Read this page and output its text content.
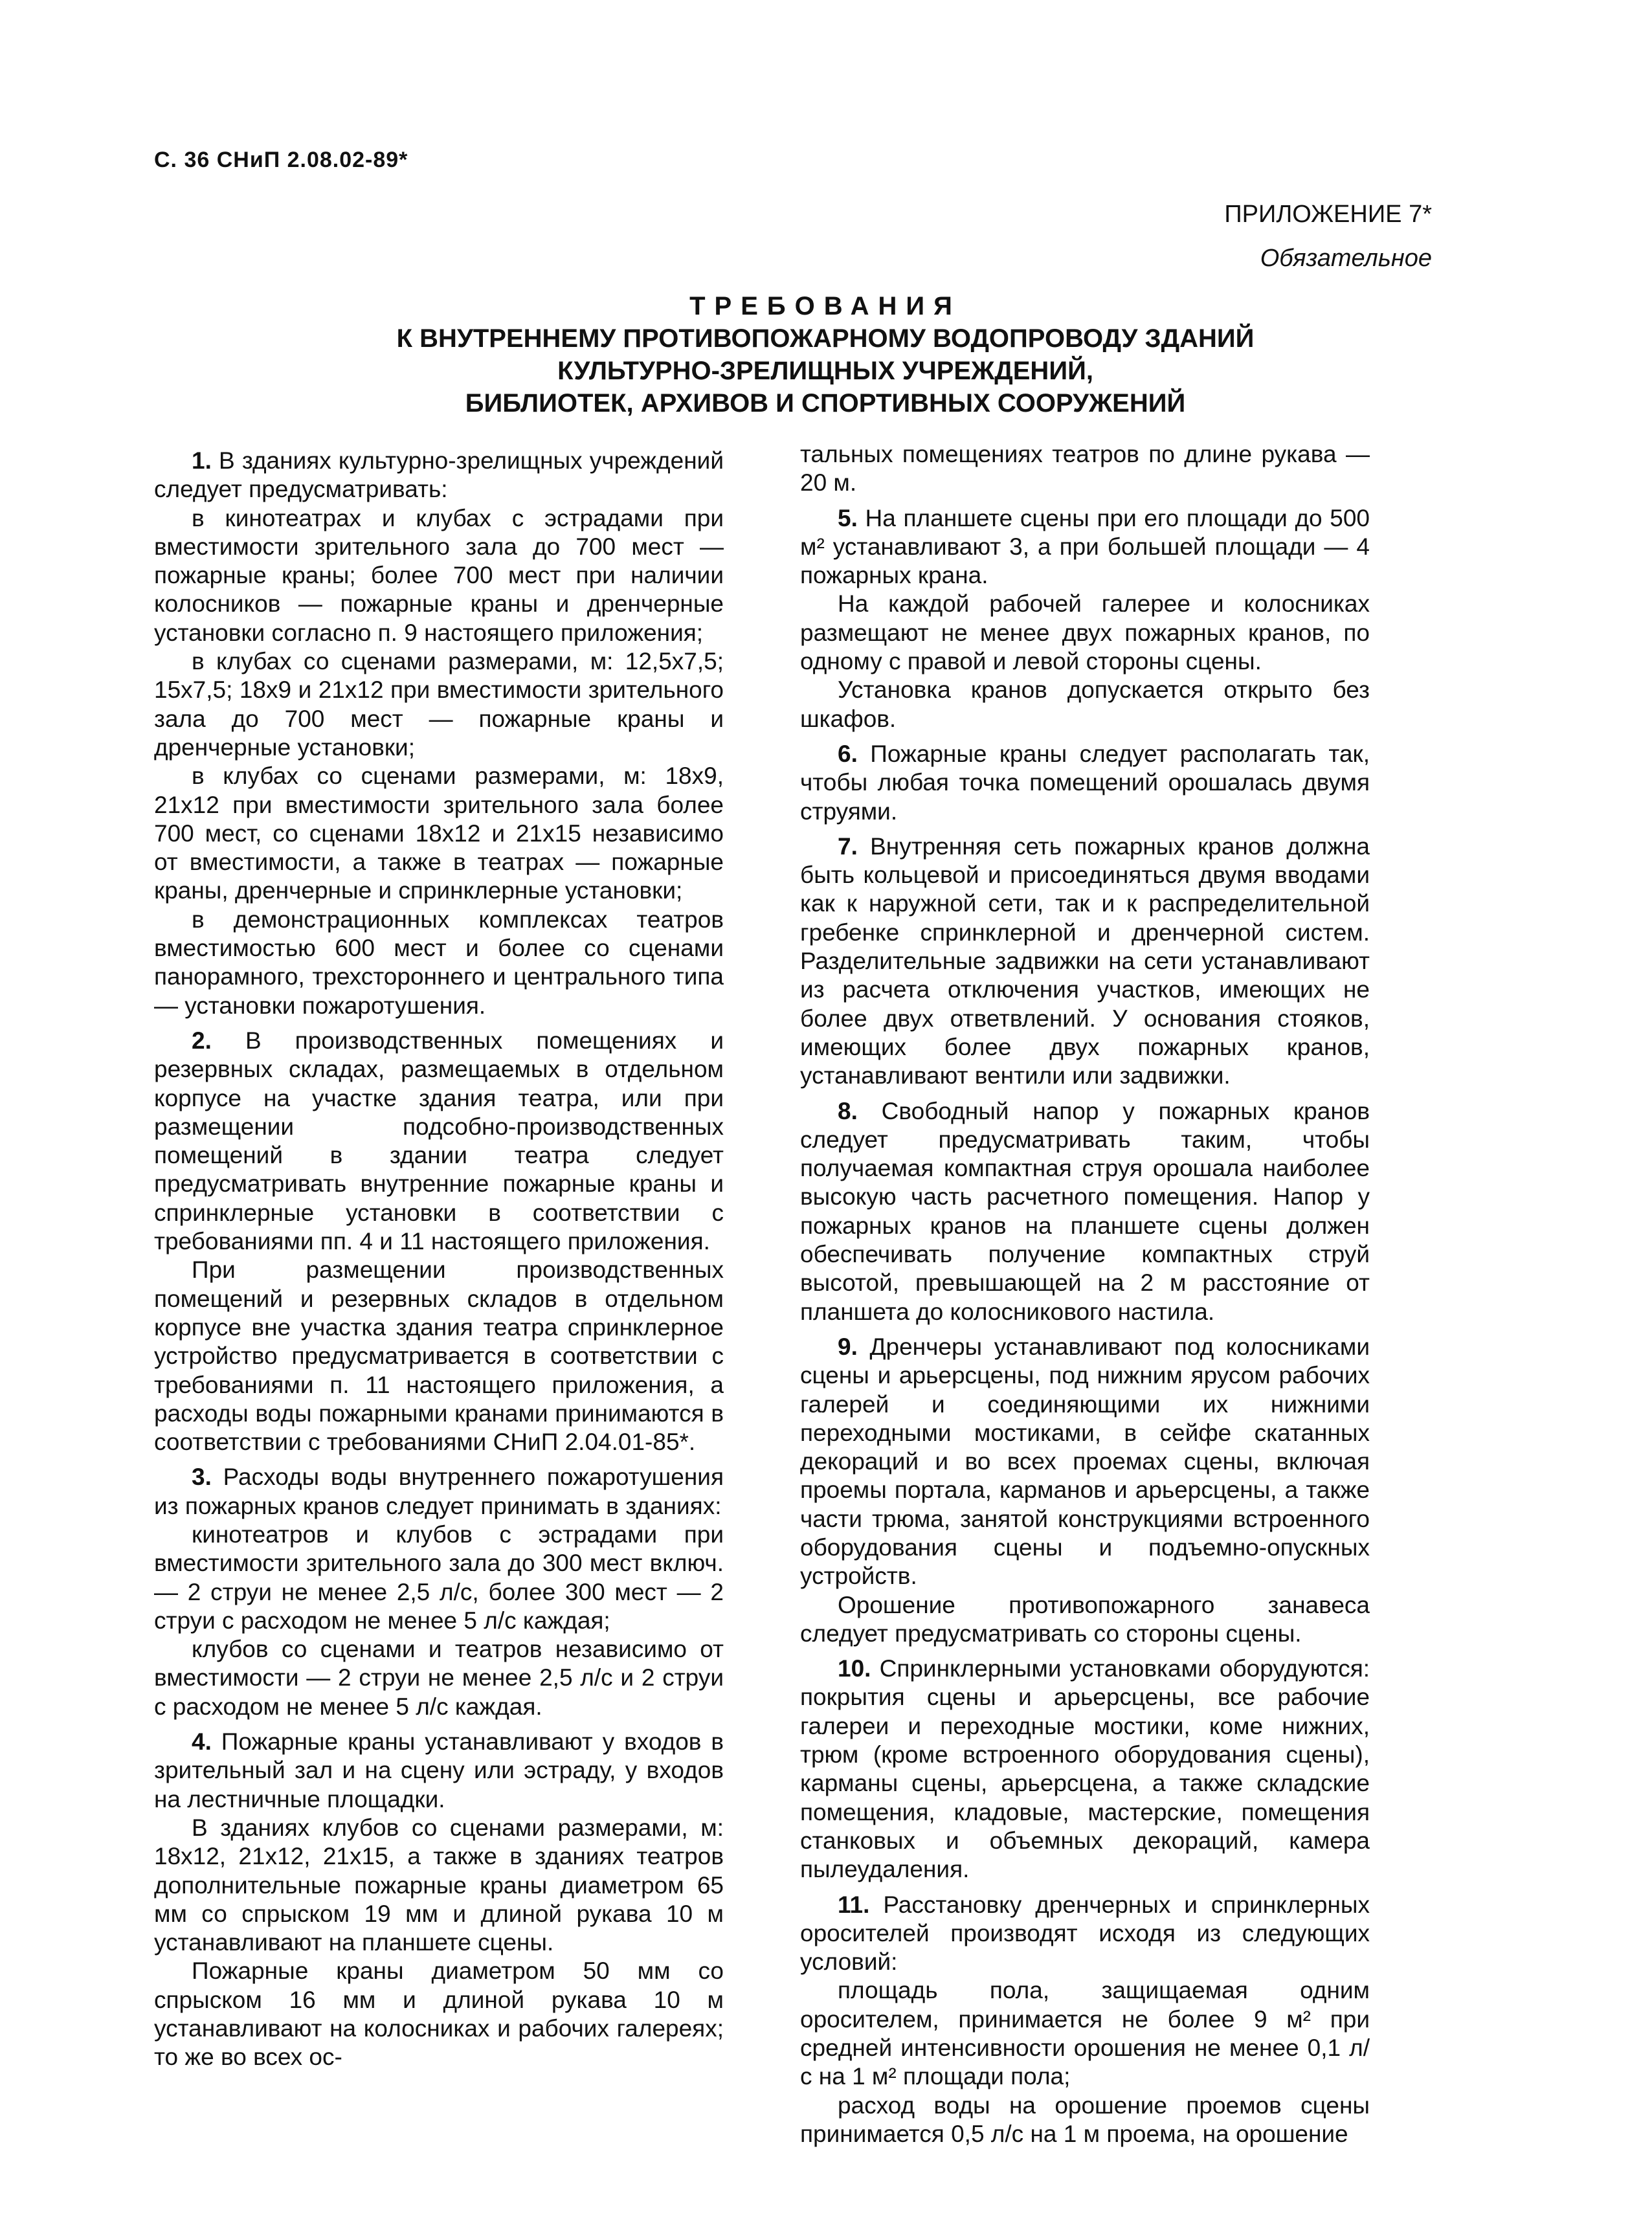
С. 36 СНиП 2.08.02-89*
ПРИЛОЖЕНИЕ 7*
Обязательное
ТРЕБОВАНИЯ
К ВНУТРЕННЕМУ ПРОТИВОПОЖАРНОМУ ВОДОПРОВОДУ ЗДАНИЙ
КУЛЬТУРНО-ЗРЕЛИЩНЫХ УЧРЕЖДЕНИЙ,
БИБЛИОТЕК, АРХИВОВ И СПОРТИВНЫХ СООРУЖЕНИЙ

1. В зданиях культурно-зрелищных учреждений следует предусматривать:

в кинотеатрах и клубах с эстрадами при вместимости зрительного зала до 700 мест — пожарные краны; более 700 мест при наличии колосников — пожарные краны и дренчерные установки согласно п. 9 настоящего приложения;

в клубах со сценами размерами, м: 12,5x7,5; 15x7,5; 18x9 и 21x12 при вместимости зрительного зала до 700 мест — пожарные краны и дренчерные установки;

в клубах со сценами размерами, м: 18x9, 21x12 при вместимости зрительного зала более 700 мест, со сценами 18x12 и 21x15 независимо от вместимости, а также в театрах — пожарные краны, дренчерные и спринклерные установки;

в демонстрационных комплексах театров вместимостью 600 мест и более со сценами панорамного, трехстороннего и центрального типа — установки пожаротушения.

2. В производственных помещениях и резервных складах, размещаемых в отдельном корпусе на участке здания театра, или при размещении подсобно-производственных помещений в здании театра следует предусматривать внутренние пожарные краны и спринклерные установки в соответствии с требованиями пп. 4 и 11 настоящего приложения.

При размещении производственных помещений и резервных складов в отдельном корпусе вне участка здания театра спринклерное устройство предусматривается в соответствии с требованиями п. 11 настоящего приложения, а расходы воды пожарными кранами принимаются в соответствии с требованиями СНиП 2.04.01-85*.

3. Расходы воды внутреннего пожаротушения из пожарных кранов следует принимать в зданиях:

кинотеатров и клубов с эстрадами при вместимости зрительного зала до 300 мест включ. — 2 струи не менее 2,5 л/с, более 300 мест — 2 струи с расходом не менее 5 л/с каждая;

клубов со сценами и театров независимо от вместимости — 2 струи не менее 2,5 л/с и 2 струи с расходом не менее 5 л/с каждая.

4. Пожарные краны устанавливают у входов в зрительный зал и на сцену или эстраду, у входов на лестничные площадки.

В зданиях клубов со сценами размерами, м: 18x12, 21x12, 21x15, а также в зданиях театров дополнительные пожарные краны диаметром 65 мм со спрыском 19 мм и длиной рукава 10 м устанавливают на планшете сцены.

Пожарные краны диаметром 50 мм со спрыском 16 мм и длиной рукава 10 м устанавливают на колосниках и рабочих галереях; то же во всех ос-

тальных помещениях театров по длине рукава — 20 м.

5. На планшете сцены при его площади до 500 м² устанавливают 3, а при большей площади — 4 пожарных крана.

На каждой рабочей галерее и колосниках размещают не менее двух пожарных кранов, по одному с правой и левой стороны сцены.

Установка кранов допускается открыто без шкафов.

6. Пожарные краны следует располагать так, чтобы любая точка помещений орошалась двумя струями.

7. Внутренняя сеть пожарных кранов должна быть кольцевой и присоединяться двумя вводами как к наружной сети, так и к распределительной гребенке спринклерной и дренчерной систем. Разделительные задвижки на сети устанавливают из расчета отключения участков, имеющих не более двух ответвлений. У основания стояков, имеющих более двух пожарных кранов, устанавливают вентили или задвижки.

8. Свободный напор у пожарных кранов следует предусматривать таким, чтобы получаемая компактная струя орошала наиболее высокую часть расчетного помещения. Напор у пожарных кранов на планшете сцены должен обеспечивать получение компактных струй высотой, превышающей на 2 м расстояние от планшета до колосникового настила.

9. Дренчеры устанавливают под колосниками сцены и арьерсцены, под нижним ярусом рабочих галерей и соединяющими их нижними переходными мостиками, в сейфе скатанных декораций и во всех проемах сцены, включая проемы портала, карманов и арьерсцены, а также части трюма, занятой конструкциями встроенного оборудования сцены и подъемно-опускных устройств.

Орошение противопожарного занавеса следует предусматривать со стороны сцены.

10. Спринклерными установками оборудуются: покрытия сцены и арьерсцены, все рабочие галереи и переходные мостики, коме нижних, трюм (кроме встроенного оборудования сцены), карманы сцены, арьерсцена, а также складские помещения, кладовые, мастерские, помещения станковых и объемных декораций, камера пылеудаления.

11. Расстановку дренчерных и спринклерных оросителей производят исходя из следующих условий:

площадь пола, защищаемая одним оросителем, принимается не более 9 м² при средней интенсивности орошения не менее 0,1 л/с на 1 м² площади пола;

расход воды на орошение проемов сцены принимается 0,5 л/с на 1 м проема, на орошение
